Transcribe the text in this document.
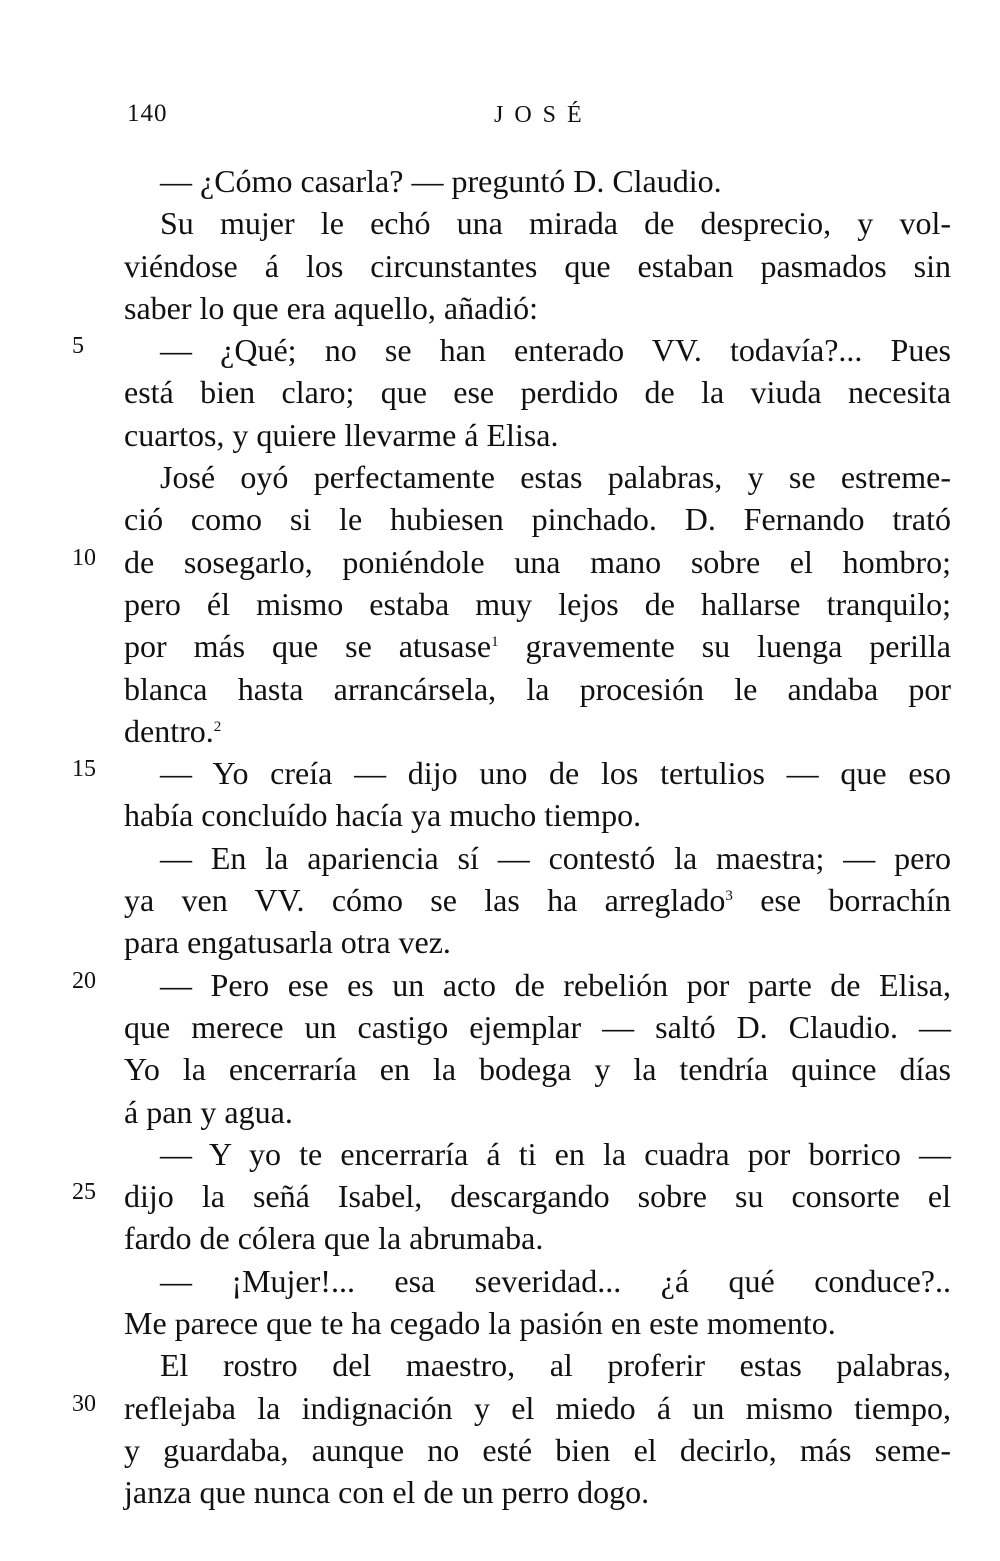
140	JOSÉ
— ¿Cómo casarla? — preguntó D. Claudio.
Su mujer le echó una mirada de desprecio, y vol-
viéndose á los circunstantes que estaban pasmados sin
saber lo que era aquello, añadió:
5	— ¿Qué; no se han enterado VV. todavía?... Pues
está bien claro; que ese perdido de la viuda necesita
cuartos, y quiere llevarme á Elisa.
José oyó perfectamente estas palabras, y se estreme-
ció como si le hubiesen pinchado. D. Fernando trató
10 de sosegarlo, poniéndole una mano sobre el hombro;
pero él mismo estaba muy lejos de hallarse tranquilo;
por más que se atusase$^1$ gravemente su luenga perilla
blanca hasta arrancársela, la procesión le andaba por
dentro.$^2$
15	— Yo creía — dijo uno de los tertulios — que eso
había concluído hacía ya mucho tiempo.
— En la apariencia sí — contestó la maestra; — pero
ya ven VV. cómo se las ha arreglado$^3$ ese borrachín
para engatusarla otra vez.
20	— Pero ese es un acto de rebelión por parte de Elisa,
que merece un castigo ejemplar — saltó D. Claudio. —
Yo la encerraría en la bodega y la tendría quince días
á pan y agua.
— Y yo te encerraría á ti en la cuadra por borrico —
25 dijo la señá Isabel, descargando sobre su consorte el
fardo de cólera que la abrumaba.
— ¡Mujer!... esa severidad... ¿á qué conduce?..
Me parece que te ha cegado la pasión en este momento.
El rostro del maestro, al proferir estas palabras,
30 reflejaba la indignación y el miedo á un mismo tiempo,
y guardaba, aunque no esté bien el decirlo, más seme-
janza que nunca con el de un perro dogo.
